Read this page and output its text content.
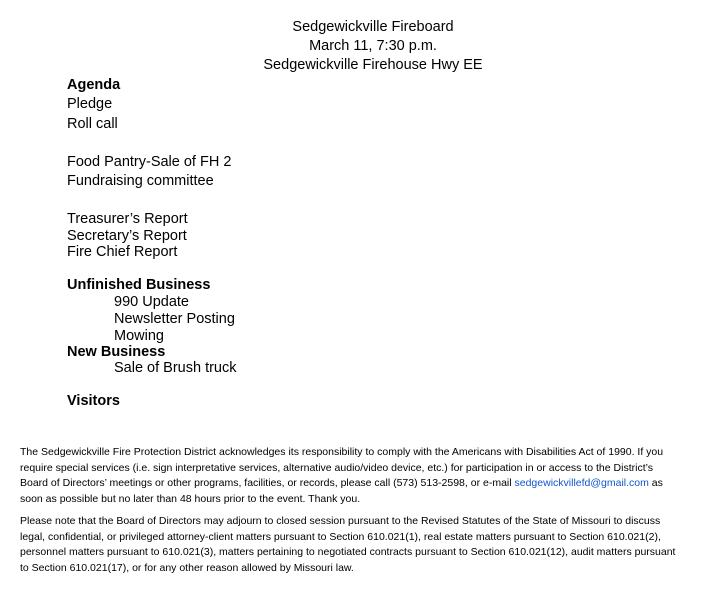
Sedgewickville Fireboard
March 11, 7:30 p.m.
Sedgewickville Firehouse Hwy EE
Agenda
Pledge
Roll call
Food Pantry-Sale of FH 2
Fundraising committee
Treasurer’s Report
Secretary’s Report
Fire Chief Report
Unfinished Business
990 Update
Newsletter Posting
Mowing
New Business
Sale of Brush truck
Visitors

The Sedgewickville Fire Protection District acknowledges its responsibility to comply with the Americans with Disabilities Act of 1990. If you require special services (i.e. sign interpretative services, alternative audio/video device, etc.) for participation in or access to the District’s Board of Directors’ meetings or other programs, facilities, or records, please call (573) 513-2598, or e-mail sedgewickvillefd@gmail.com as soon as possible but no later than 48 hours prior to the event. Thank you.

Please note that the Board of Directors may adjourn to closed session pursuant to the Revised Statutes of the State of Missouri to discuss legal, confidential, or privileged attorney-client matters pursuant to Section 610.021(1), real estate matters pursuant to Section 610.021(2), personnel matters pursuant to 610.021(3), matters pertaining to negotiated contracts pursuant to Section 610.021(12), audit matters pursuant to Section 610.021(17), or for any other reason allowed by Missouri law.
